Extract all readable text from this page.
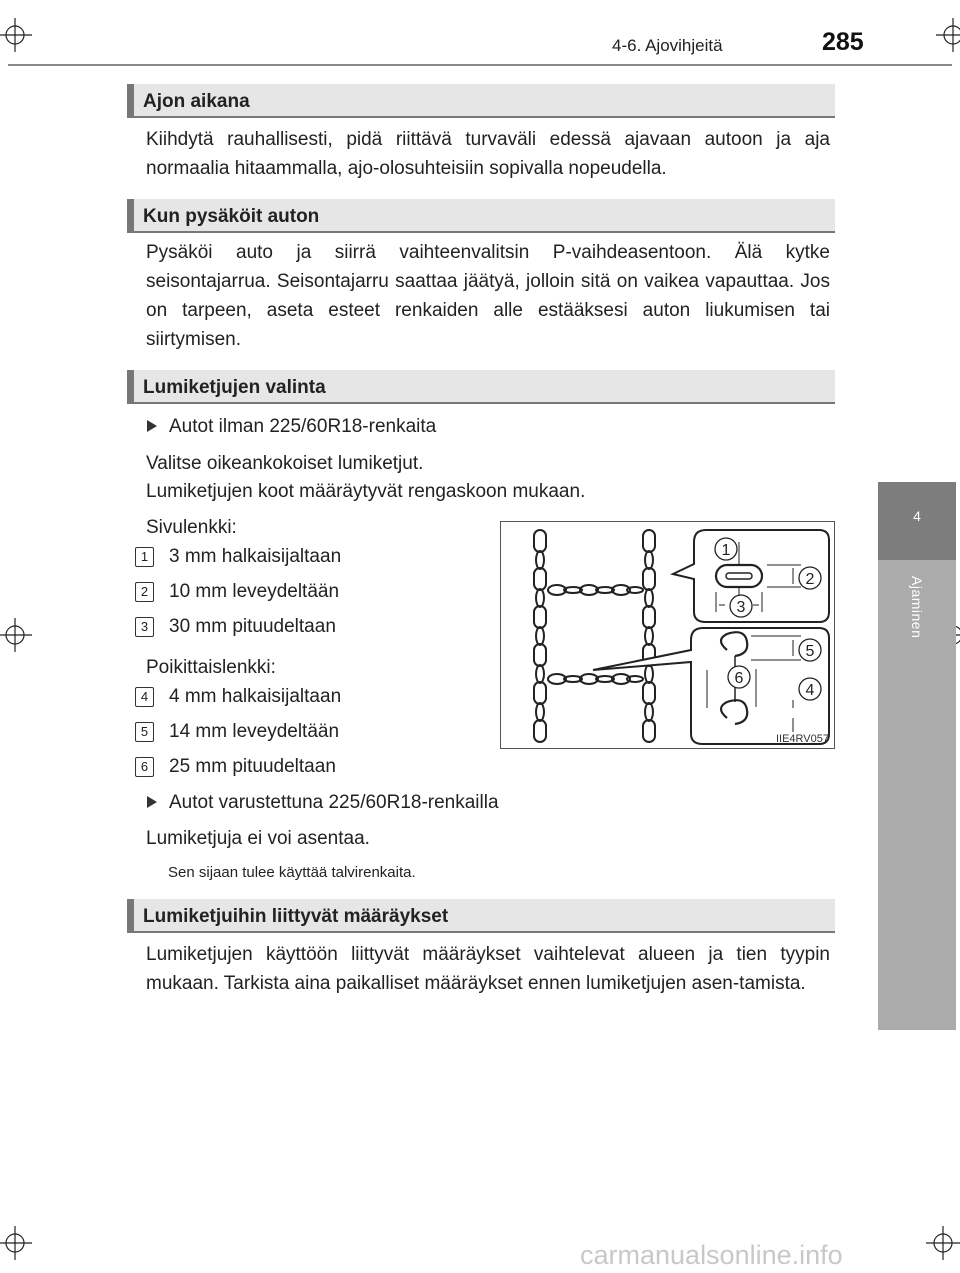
4-6. Ajovihjeitä	285
4
Ajaminen
Ajon aikana
Kiihdytä rauhallisesti, pidä riittävä turvaväli edessä ajavaan autoon ja aja normaalia hitaammalla, ajo-olosuhteisiin sopivalla nopeudella.
Kun pysäköit auton
Pysäköi auto ja siirrä vaihteenvalitsin P-vaihdeasentoon. Älä kytke seisontajarrua. Seisontajarru saattaa jäätyä, jolloin sitä on vaikea vapauttaa. Jos on tarpeen, aseta esteet renkaiden alle estääksesi auton liukumisen tai siirtymisen.
Lumiketjujen valinta
Autot ilman 225/60R18-renkaita
Valitse oikeankokoiset lumiketjut.
Lumiketjujen koot määräytyvät rengaskoon mukaan.
Sivulenkki:
1	3 mm halkaisijaltaan
2	10 mm leveydeltään
3	30 mm pituudeltaan
Poikittaislenkki:
4	4 mm halkaisijaltaan
5	14 mm leveydeltään
6	25 mm pituudeltaan
Autot varustettuna 225/60R18-renkailla
Lumiketjuja ei voi asentaa.
Sen sijaan tulee käyttää talvirenkaita.
1
2
3
4
5
6
IIE4RV057
Lumiketjuihin liittyvät määräykset
Lumiketjujen käyttöön liittyvät määräykset vaihtelevat alueen ja tien tyypin mukaan. Tarkista aina paikalliset määräykset ennen lumiketjujen asen-tamista.
carmanualsonline.info
